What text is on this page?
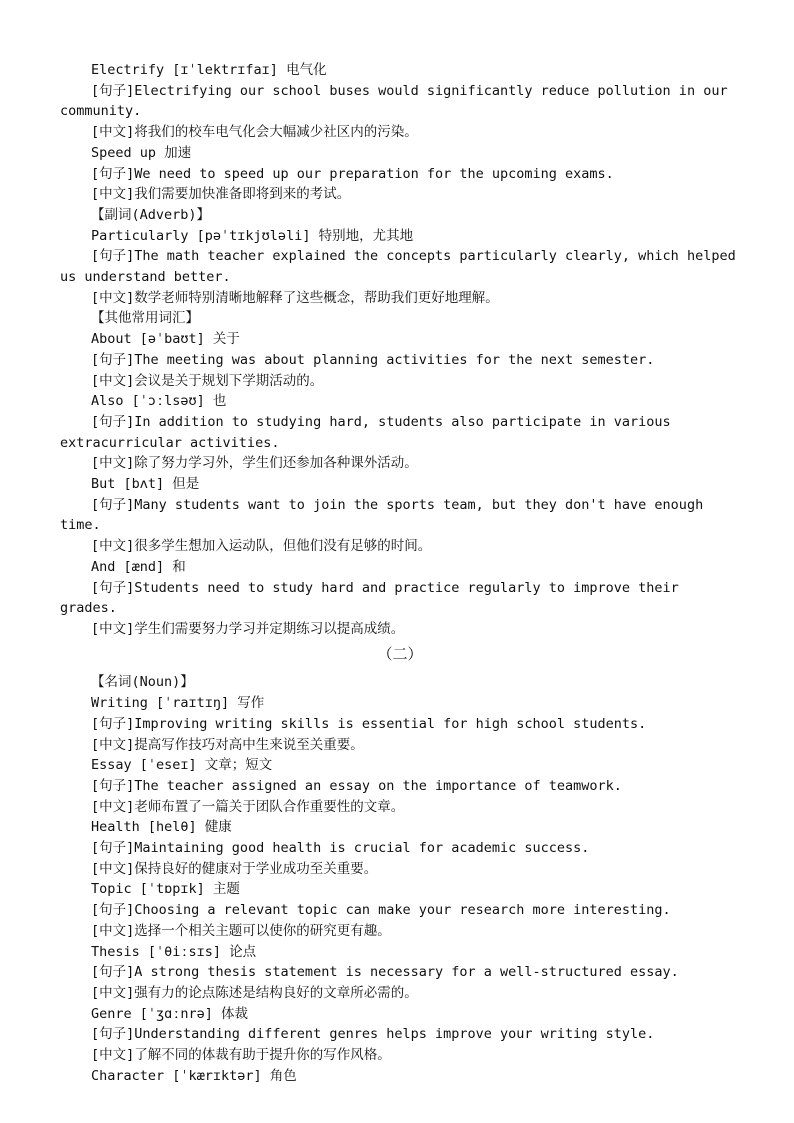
Electrify [ɪˈlektrɪfaɪ] 电气化
[句子]Electrifying our school buses would significantly reduce pollution in our community.
[中文]将我们的校车电气化会大幅减少社区内的污染。
Speed up 加速
[句子]We need to speed up our preparation for the upcoming exams.
[中文]我们需要加快准备即将到来的考试。
【副词(Adverb)】
Particularly [pəˈtɪkjʊləli] 特别地，尤其地
[句子]The math teacher explained the concepts particularly clearly, which helped us understand better.
[中文]数学老师特别清晰地解释了这些概念，帮助我们更好地理解。
【其他常用词汇】
About [əˈbaʊt] 关于
[句子]The meeting was about planning activities for the next semester.
[中文]会议是关于规划下学期活动的。
Also [ˈɔːlsəʊ] 也
[句子]In addition to studying hard, students also participate in various extracurricular activities.
[中文]除了努力学习外，学生们还参加各种课外活动。
But [bʌt] 但是
[句子]Many students want to join the sports team, but they don't have enough time.
[中文]很多学生想加入运动队，但他们没有足够的时间。
And [ænd] 和
[句子]Students need to study hard and practice regularly to improve their grades.
[中文]学生们需要努力学习并定期练习以提高成绩。
（二）
【名词(Noun)】
Writing [ˈraɪtɪŋ] 写作
[句子]Improving writing skills is essential for high school students.
[中文]提高写作技巧对高中生来说至关重要。
Essay [ˈeseɪ] 文章；短文
[句子]The teacher assigned an essay on the importance of teamwork.
[中文]老师布置了一篇关于团队合作重要性的文章。
Health [helθ] 健康
[句子]Maintaining good health is crucial for academic success.
[中文]保持良好的健康对于学业成功至关重要。
Topic [ˈtɒpɪk] 主题
[句子]Choosing a relevant topic can make your research more interesting.
[中文]选择一个相关主题可以使你的研究更有趣。
Thesis [ˈθiːsɪs] 论点
[句子]A strong thesis statement is necessary for a well-structured essay.
[中文]强有力的论点陈述是结构良好的文章所必需的。
Genre [ˈʒɑːnrə] 体裁
[句子]Understanding different genres helps improve your writing style.
[中文]了解不同的体裁有助于提升你的写作风格。
Character [ˈkærɪktər] 角色
